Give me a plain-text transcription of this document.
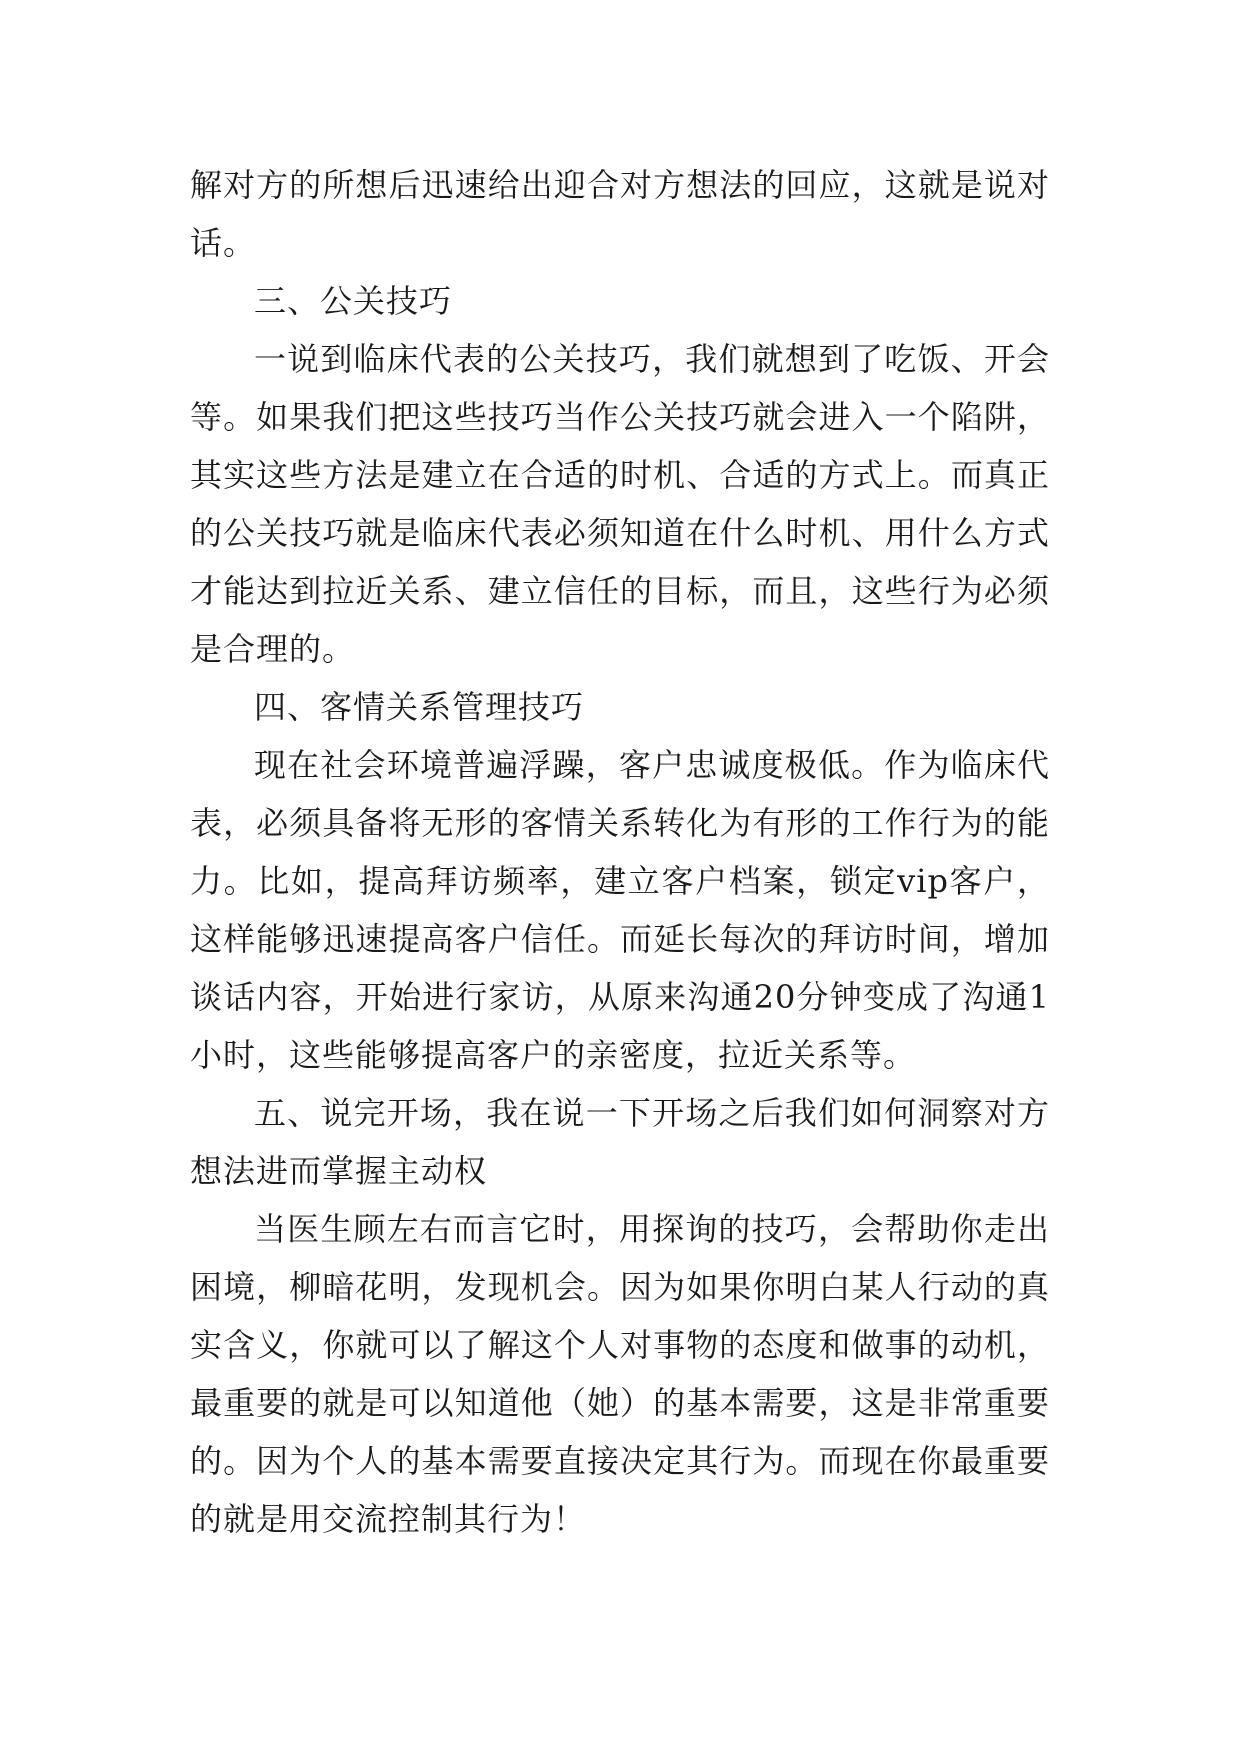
解对方的所想后迅速给出迎合对方想法的回应，这就是说对话。

三、公关技巧

一说到临床代表的公关技巧，我们就想到了吃饭、开会等。如果我们把这些技巧当作公关技巧就会进入一个陷阱，其实这些方法是建立在合适的时机、合适的方式上。而真正的公关技巧就是临床代表必须知道在什么时机、用什么方式才能达到拉近关系、建立信任的目标，而且，这些行为必须是合理的。

四、客情关系管理技巧

现在社会环境普遍浮躁，客户忠诚度极低。作为临床代表，必须具备将无形的客情关系转化为有形的工作行为的能力。比如，提高拜访频率，建立客户档案，锁定vip客户，这样能够迅速提高客户信任。而延长每次的拜访时间，增加谈话内容，开始进行家访，从原来沟通20分钟变成了沟通1小时，这些能够提高客户的亲密度，拉近关系等。

五、说完开场，我在说一下开场之后我们如何洞察对方想法进而掌握主动权

当医生顾左右而言它时，用探询的技巧，会帮助你走出困境，柳暗花明，发现机会。因为如果你明白某人行动的真实含义，你就可以了解这个人对事物的态度和做事的动机，最重要的就是可以知道他（她）的基本需要，这是非常重要的。因为个人的基本需要直接决定其行为。而现在你最重要的就是用交流控制其行为！
